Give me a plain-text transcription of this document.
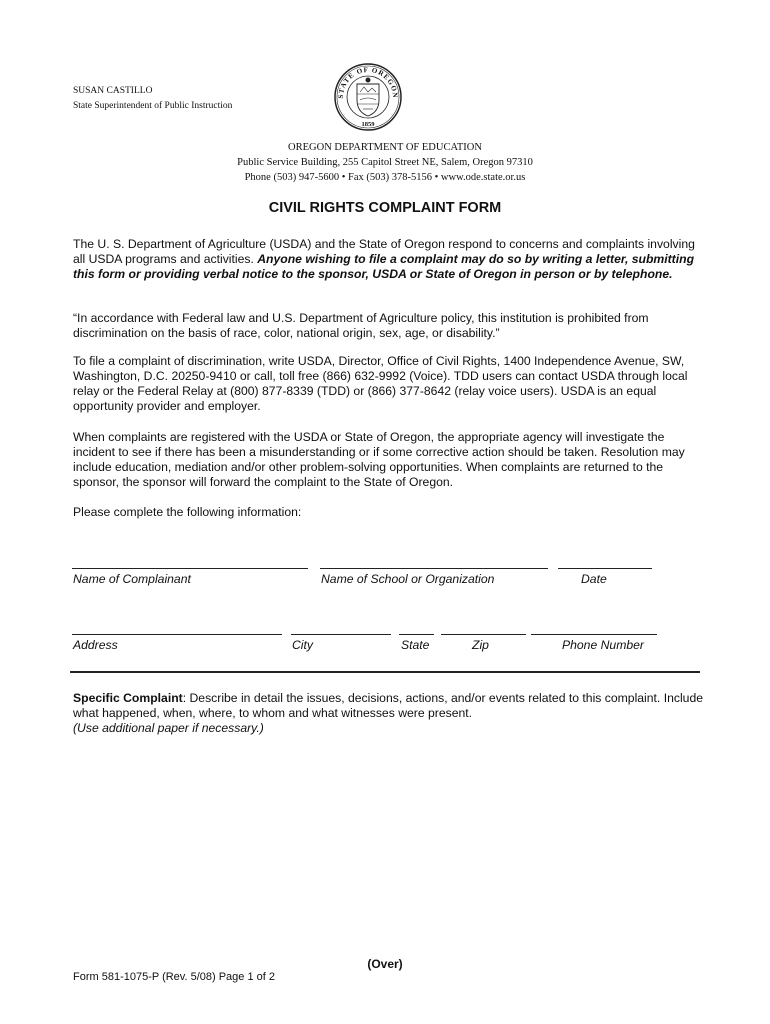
SUSAN CASTILLO
State Superintendent of Public Instruction
STATE OF OREGON
1859
OREGON DEPARTMENT OF EDUCATION
Public Service Building, 255 Capitol Street NE, Salem, Oregon 97310
Phone (503) 947-5600 • Fax (503) 378-5156 • www.ode.state.or.us
CIVIL RIGHTS COMPLAINT FORM

The U. S. Department of Agriculture (USDA) and the State of Oregon respond to concerns and complaints involving all USDA programs and activities. Anyone wishing to file a complaint may do so by writing a letter, submitting this form or providing verbal notice to the sponsor, USDA or State of Oregon in person or by telephone.

“In accordance with Federal law and U.S. Department of Agriculture policy, this institution is prohibited from discrimination on the basis of race, color, national origin, sex, age, or disability.”

To file a complaint of discrimination, write USDA, Director, Office of Civil Rights, 1400 Independence Avenue, SW, Washington, D.C. 20250-9410 or call, toll free (866) 632-9992 (Voice). TDD users can contact USDA through local relay or the Federal Relay at (800) 877-8339 (TDD) or (866) 377-8642 (relay voice users). USDA is an equal opportunity provider and employer.

When complaints are registered with the USDA or State of Oregon, the appropriate agency will investigate the incident to see if there has been a misunderstanding or if some corrective action should be taken. Resolution may include education, mediation and/or other problem-solving opportunities. When complaints are returned to the sponsor, the sponsor will forward the complaint to the State of Oregon.

Please complete the following information:

Name of Complainant	Name of School or Organization	Date
Address	City	State	Zip	Phone Number

Specific Complaint: Describe in detail the issues, decisions, actions, and/or events related to this complaint. Include what happened, when, where, to whom and what witnesses were present.
(Use additional paper if necessary.)

(Over)
Form 581-1075-P (Rev. 5/08) Page 1 of 2
